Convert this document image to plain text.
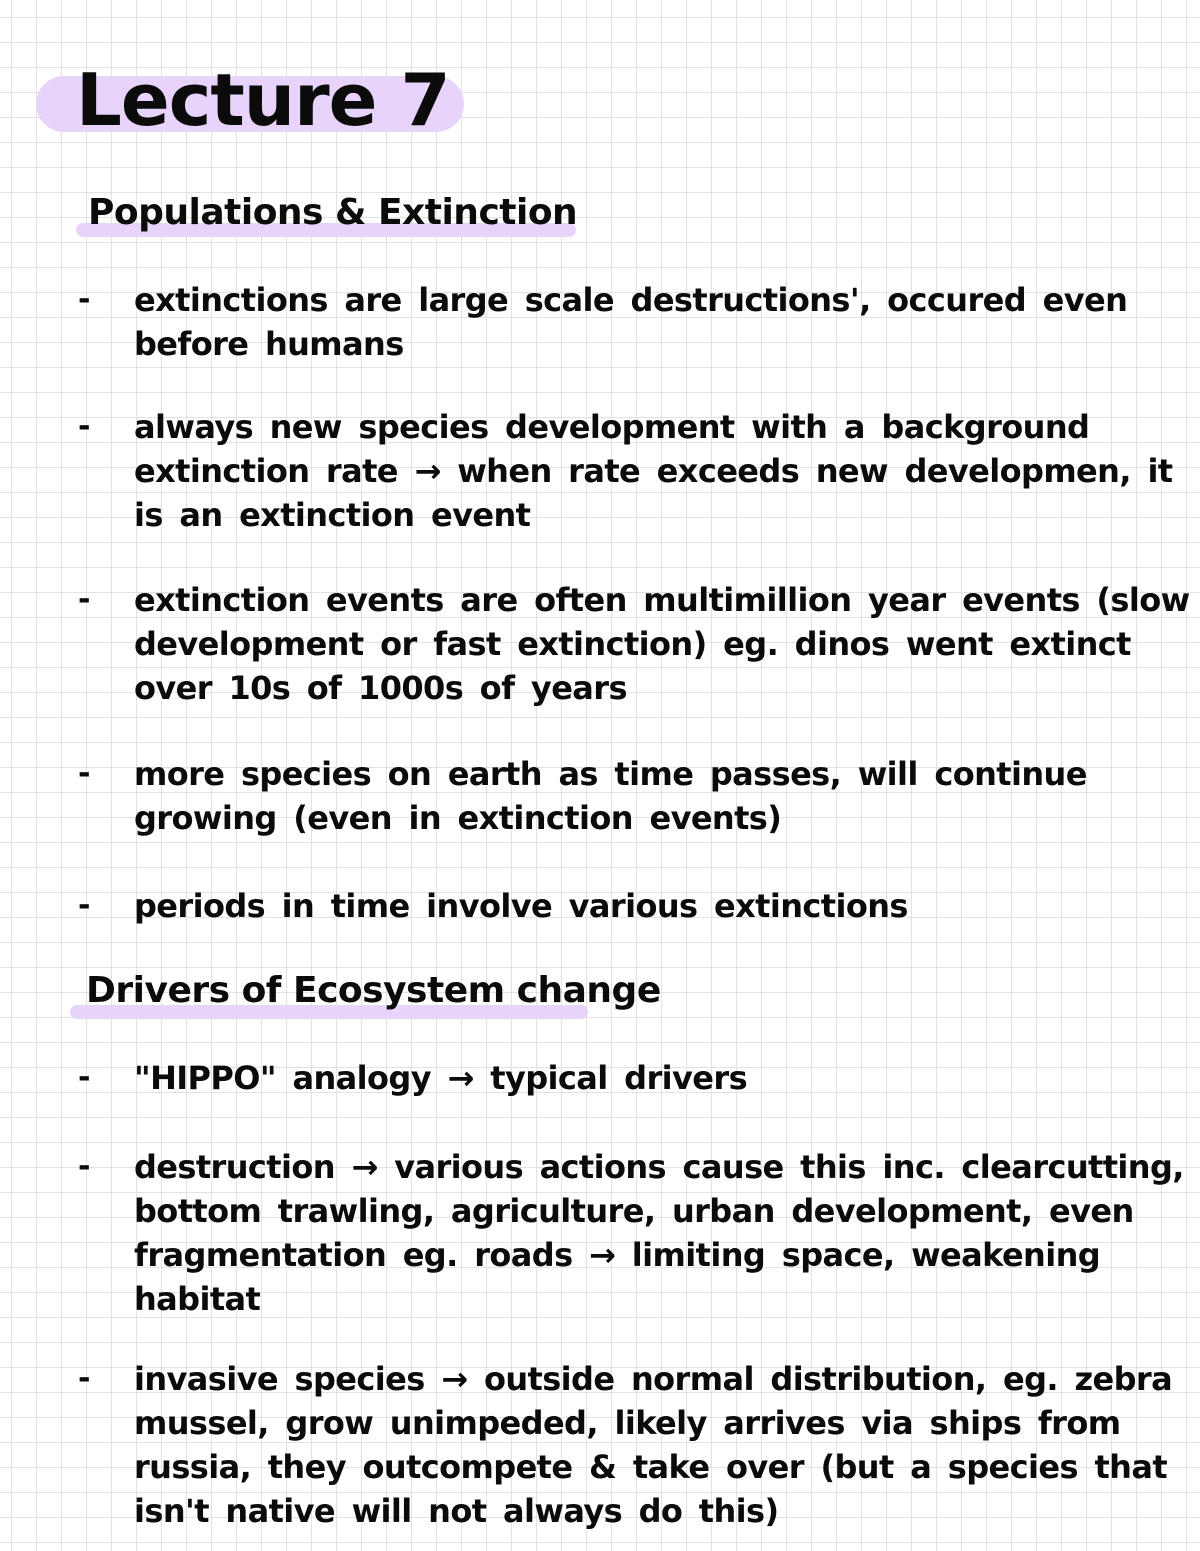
Lecture 7
Populations & Extinction
- extinctions are large scale destructions', occured even before humans

- always new species development with a background extinction rate → when rate exceeds new developmen, it is an extinction event

- extinction events are often multimillion year events (slow development or fast extinction) eg. dinos went extinct over 10s of 1000s of years

- more species on earth as time passes, will continue growing (even in extinction events)

- periods in time involve various extinctions

Drivers of Ecosystem change
- "HIPPO" analogy → typical drivers

- destruction → various actions cause this inc. clearcutting, bottom trawling, agriculture, urban development, even fragmentation eg. roads → limiting space, weakening habitat

- invasive species → outside normal distribution, eg. zebra mussel, grow unimpeded, likely arrives via ships from russia, they outcompete & take over (but a species that isn't native will not always do this)
